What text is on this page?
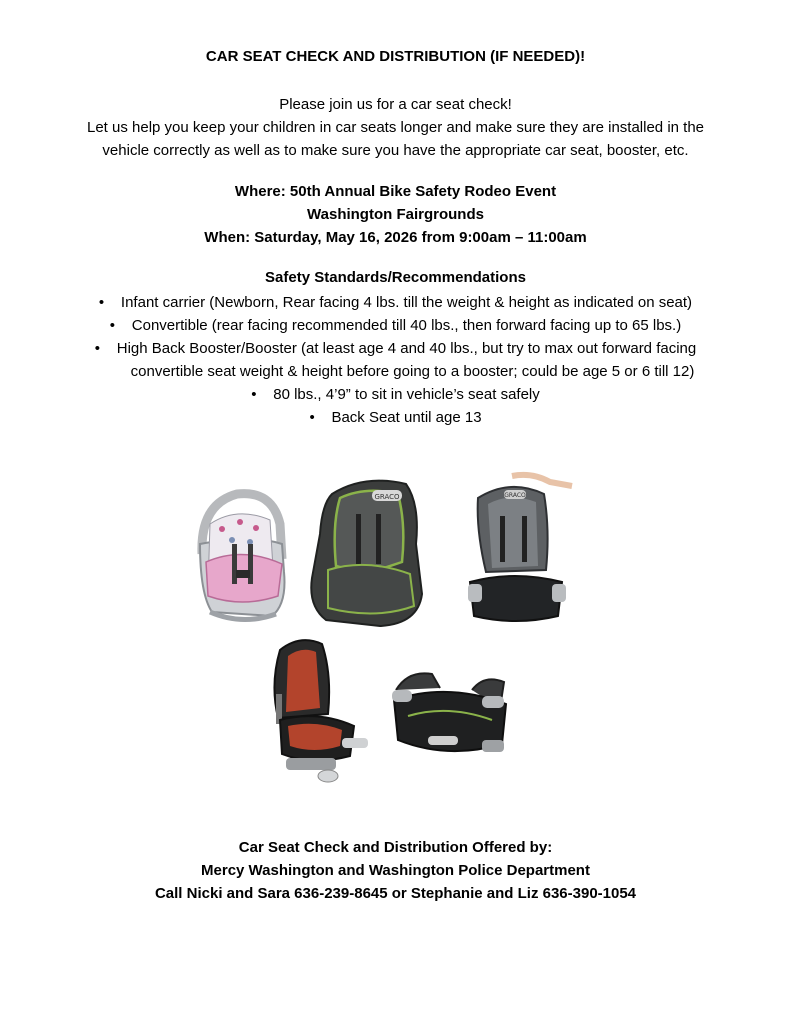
CAR SEAT CHECK AND DISTRIBUTION (IF NEEDED)!
Please join us for a car seat check!
Let us help you keep your children in car seats longer and make sure they are installed in the
vehicle correctly as well as to make sure you have the appropriate car seat, booster, etc.
Where: 50th Annual Bike Safety Rodeo Event
Washington Fairgrounds
When: Saturday, May 16, 2026 from 9:00am – 11:00am
Safety Standards/Recommendations
• Infant carrier (Newborn, Rear facing 4 lbs. till the weight & height as indicated on seat)
• Convertible (rear facing recommended till 40 lbs., then forward facing up to 65 lbs.)
• High Back Booster/Booster (at least age 4 and 40 lbs., but try to max out forward facing
convertible seat weight & height before going to a booster; could be age 5 or 6 till 12)
• 80 lbs., 4’9” to sit in vehicle’s seat safely
• Back Seat until age 13
GRACO	GRACO
Car Seat Check and Distribution Offered by:
Mercy Washington and Washington Police Department
Call Nicki and Sara 636-239-8645 or Stephanie and Liz 636-390-1054
